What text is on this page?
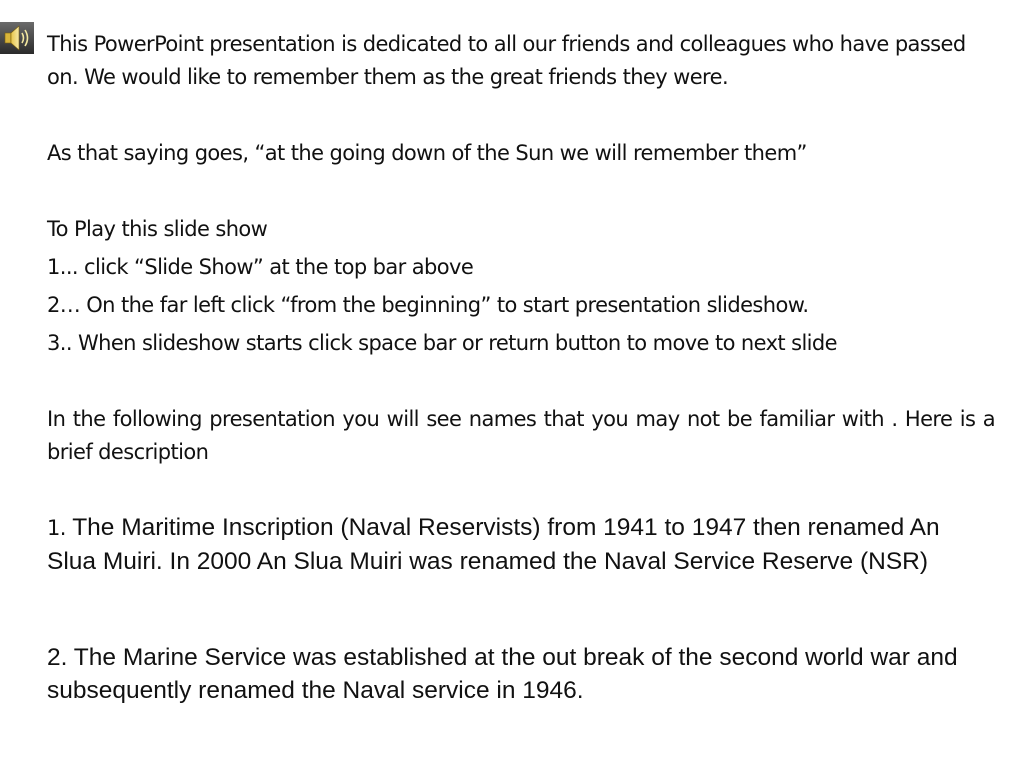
This PowerPoint presentation is dedicated to all our friends and colleagues who have passed on. We would like to remember them as the great friends they were.

As that saying goes, “at the going down of the Sun we will remember them”

To Play this slide show
1... click “Slide Show” at the top bar above
2… On the far left click “from the beginning” to start presentation slideshow.
3.. When slideshow starts click space bar or return button to move to next slide

In the following presentation you will see names that you may not be familiar with . Here is a brief description

1. The Maritime Inscription (Naval Reservists) from 1941 to 1947 then renamed An Slua Muiri. In 2000 An Slua Muiri was renamed the Naval Service Reserve (NSR)

2. The Marine Service was established at the out break of the second world war and subsequently renamed the Naval service in 1946.
